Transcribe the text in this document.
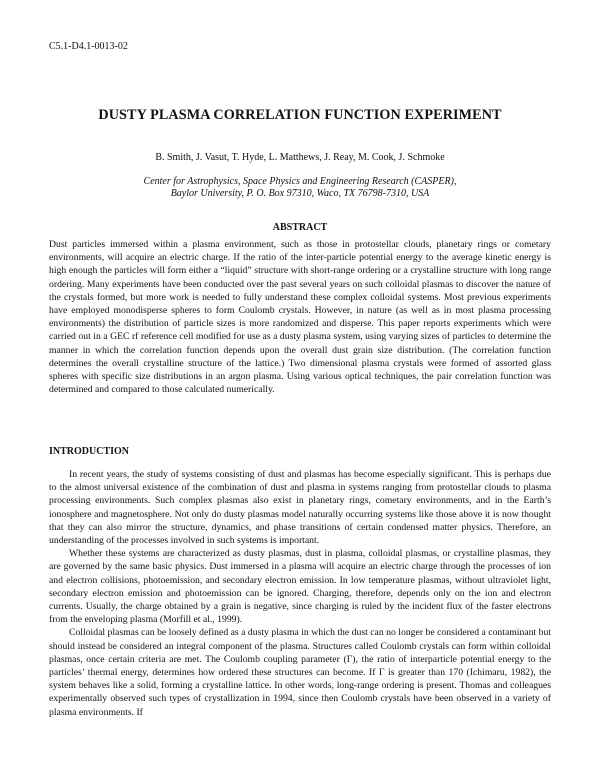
C5.1-D4.1-0013-02
DUSTY PLASMA CORRELATION FUNCTION EXPERIMENT
B. Smith, J. Vasut, T. Hyde, L. Matthews, J. Reay, M. Cook, J. Schmoke
Center for Astrophysics, Space Physics and Engineering Research (CASPER),
Baylor University, P. O. Box 97310, Waco, TX 76798-7310, USA
ABSTRACT

Dust particles immersed within a plasma environment, such as those in protostellar clouds, planetary rings or cometary environments, will acquire an electric charge. If the ratio of the inter-particle potential energy to the average kinetic energy is high enough the particles will form either a “liquid” structure with short-range ordering or a crystalline structure with long range ordering. Many experiments have been conducted over the past several years on such colloidal plasmas to discover the nature of the crystals formed, but more work is needed to fully understand these complex colloidal systems. Most previous experiments have employed monodisperse spheres to form Coulomb crystals. However, in nature (as well as in most plasma processing environments) the distribution of particle sizes is more randomized and disperse. This paper reports experiments which were carried out in a GEC rf reference cell modified for use as a dusty plasma system, using varying sizes of particles to determine the manner in which the correlation function depends upon the overall dust grain size distribution. (The correlation function determines the overall crystalline structure of the lattice.) Two dimensional plasma crystals were formed of assorted glass spheres with specific size distributions in an argon plasma. Using various optical techniques, the pair correlation function was determined and compared to those calculated numerically.

INTRODUCTION

In recent years, the study of systems consisting of dust and plasmas has become especially significant. This is perhaps due to the almost universal existence of the combination of dust and plasma in systems ranging from protostellar clouds to plasma processing environments. Such complex plasmas also exist in planetary rings, cometary environments, and in the Earth’s ionosphere and magnetosphere. Not only do dusty plasmas model naturally occurring systems like those above it is now thought that they can also mirror the structure, dynamics, and phase transitions of certain condensed matter physics. Therefore, an understanding of the processes involved in such systems is important.

Whether these systems are characterized as dusty plasmas, dust in plasma, colloidal plasmas, or crystalline plasmas, they are governed by the same basic physics. Dust immersed in a plasma will acquire an electric charge through the processes of ion and electron collisions, photoemission, and secondary electron emission. In low temperature plasmas, without ultraviolet light, secondary electron emission and photoemission can be ignored. Charging, therefore, depends only on the ion and electron currents. Usually, the charge obtained by a grain is negative, since charging is ruled by the incident flux of the faster electrons from the enveloping plasma (Morfill et al., 1999).

Colloidal plasmas can be loosely defined as a dusty plasma in which the dust can no longer be considered a contaminant but should instead be considered an integral component of the plasma. Structures called Coulomb crystals can form within colloidal plasmas, once certain criteria are met. The Coulomb coupling parameter (Γ), the ratio of interparticle potential energy to the particles’ thermal energy, determines how ordered these structures can become. If Γ is greater than 170 (Ichimaru, 1982), the system behaves like a solid, forming a crystalline lattice. In other words, long-range ordering is present. Thomas and colleagues experimentally observed such types of crystallization in 1994, since then Coulomb crystals have been observed in a variety of plasma environments. If
